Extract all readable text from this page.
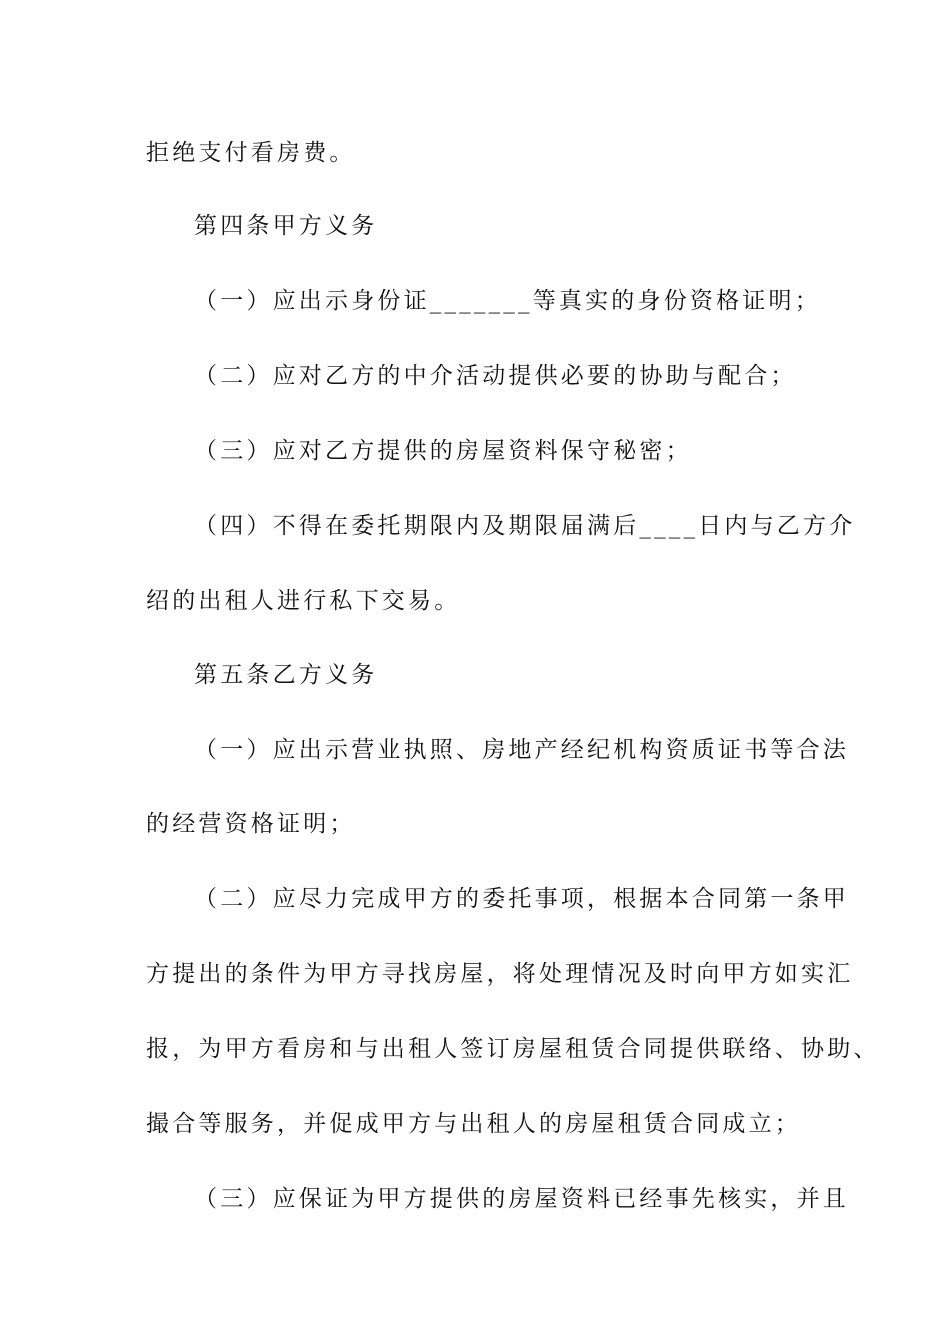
拒绝支付看房费。
第四条甲方义务
（一）应出示身份证_______等真实的身份资格证明；
（二）应对乙方的中介活动提供必要的协助与配合；
（三）应对乙方提供的房屋资料保守秘密；
（四）不得在委托期限内及期限届满后____日内与乙方介
绍的出租人进行私下交易。
第五条乙方义务
（一）应出示营业执照、房地产经纪机构资质证书等合法
的经营资格证明；
（二）应尽力完成甲方的委托事项，根据本合同第一条甲
方提出的条件为甲方寻找房屋，将处理情况及时向甲方如实汇
报，为甲方看房和与出租人签订房屋租赁合同提供联络、协助、
撮合等服务，并促成甲方与出租人的房屋租赁合同成立；
（三）应保证为甲方提供的房屋资料已经事先核实，并且
